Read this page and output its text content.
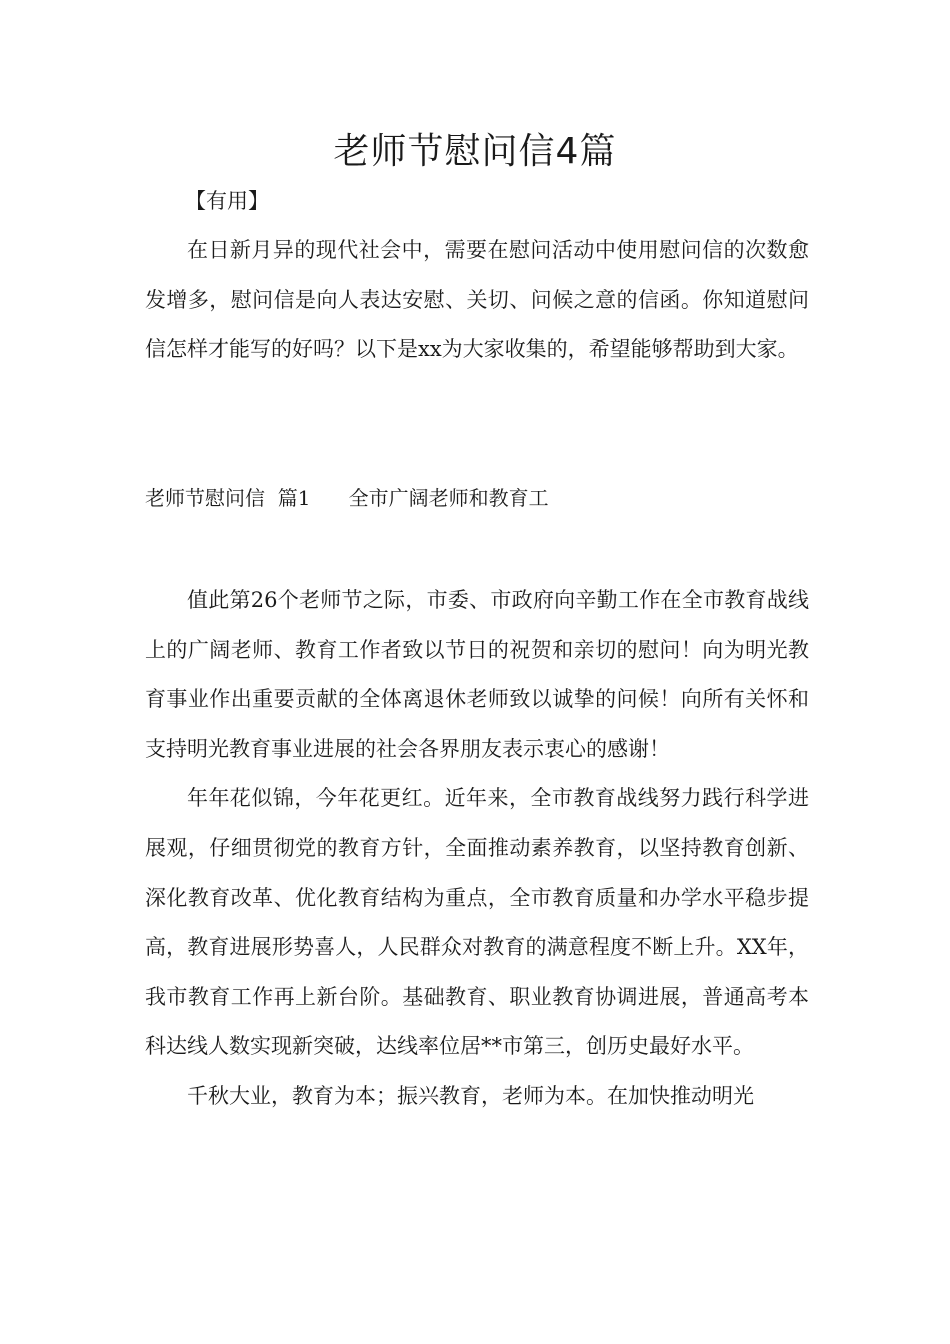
老师节慰问信4篇
【有用】

在日新月异的现代社会中，需要在慰问活动中使用慰问信的次数愈发增多，慰问信是向人表达安慰、关切、问候之意的信函。你知道慰问信怎样才能写的好吗？以下是xx为大家收集的，希望能够帮助到大家。

老师节慰问信 篇1 全市广阔老师和教育工

值此第26个老师节之际，市委、市政府向辛勤工作在全市教育战线上的广阔老师、教育工作者致以节日的祝贺和亲切的慰问！向为明光教育事业作出重要贡献的全体离退休老师致以诚挚的问候！向所有关怀和支持明光教育事业进展的社会各界朋友表示衷心的感谢！

年年花似锦，今年花更红。近年来，全市教育战线努力践行科学进展观，仔细贯彻党的教育方针，全面推动素养教育，以坚持教育创新、深化教育改革、优化教育结构为重点，全市教育质量和办学水平稳步提高，教育进展形势喜人，人民群众对教育的满意程度不断上升。XX年，我市教育工作再上新台阶。基础教育、职业教育协调进展，普通高考本科达线人数实现新突破，达线率位居**市第三，创历史最好水平。

千秋大业，教育为本；振兴教育，老师为本。在加快推动明光
